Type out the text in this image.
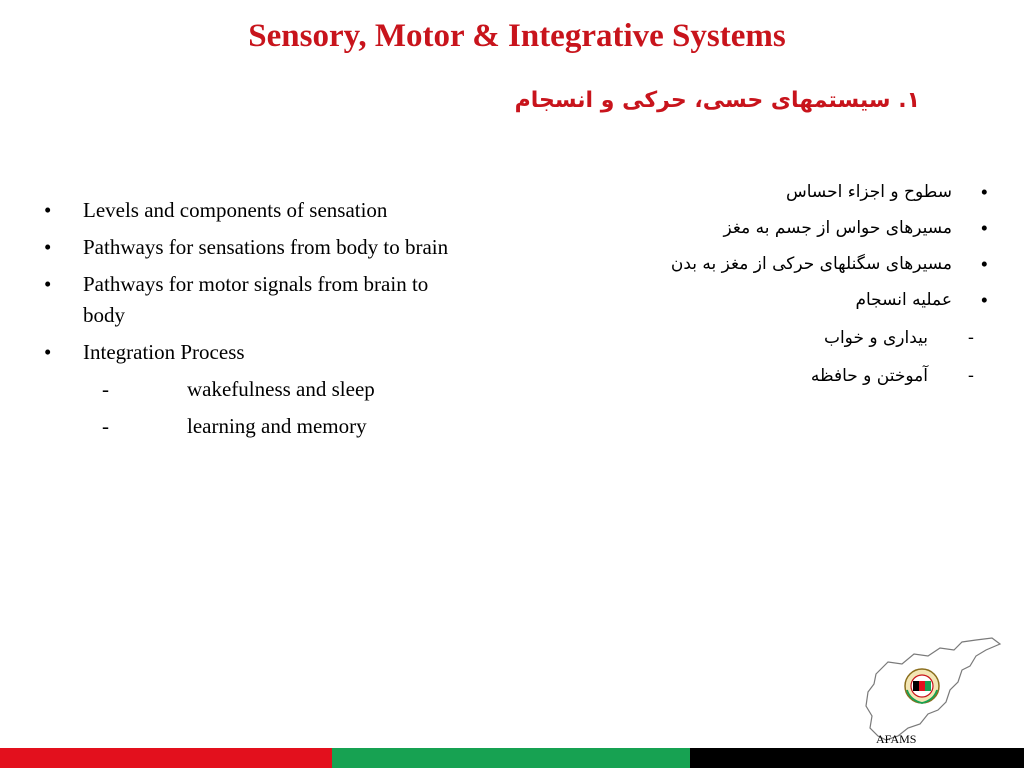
Sensory, Motor & Integrative Systems
۱. سیستمهای حسی، حرکی و انسجام
• Levels and components of sensation
• Pathways for sensations from body to brain
• Pathways for motor signals from brain to body
• Integration Process
-	wakefulness and sleep
-	learning and memory
•
سطوح و اجزاء احساس
•
مسیرهای حواس از جسم به مغز
•
مسیرهای سگنلهای حرکی از مغز به بدن
•
عملیه انسجام
-
بیداری و خواب
-
آموختن و حافظه
AFAMS
